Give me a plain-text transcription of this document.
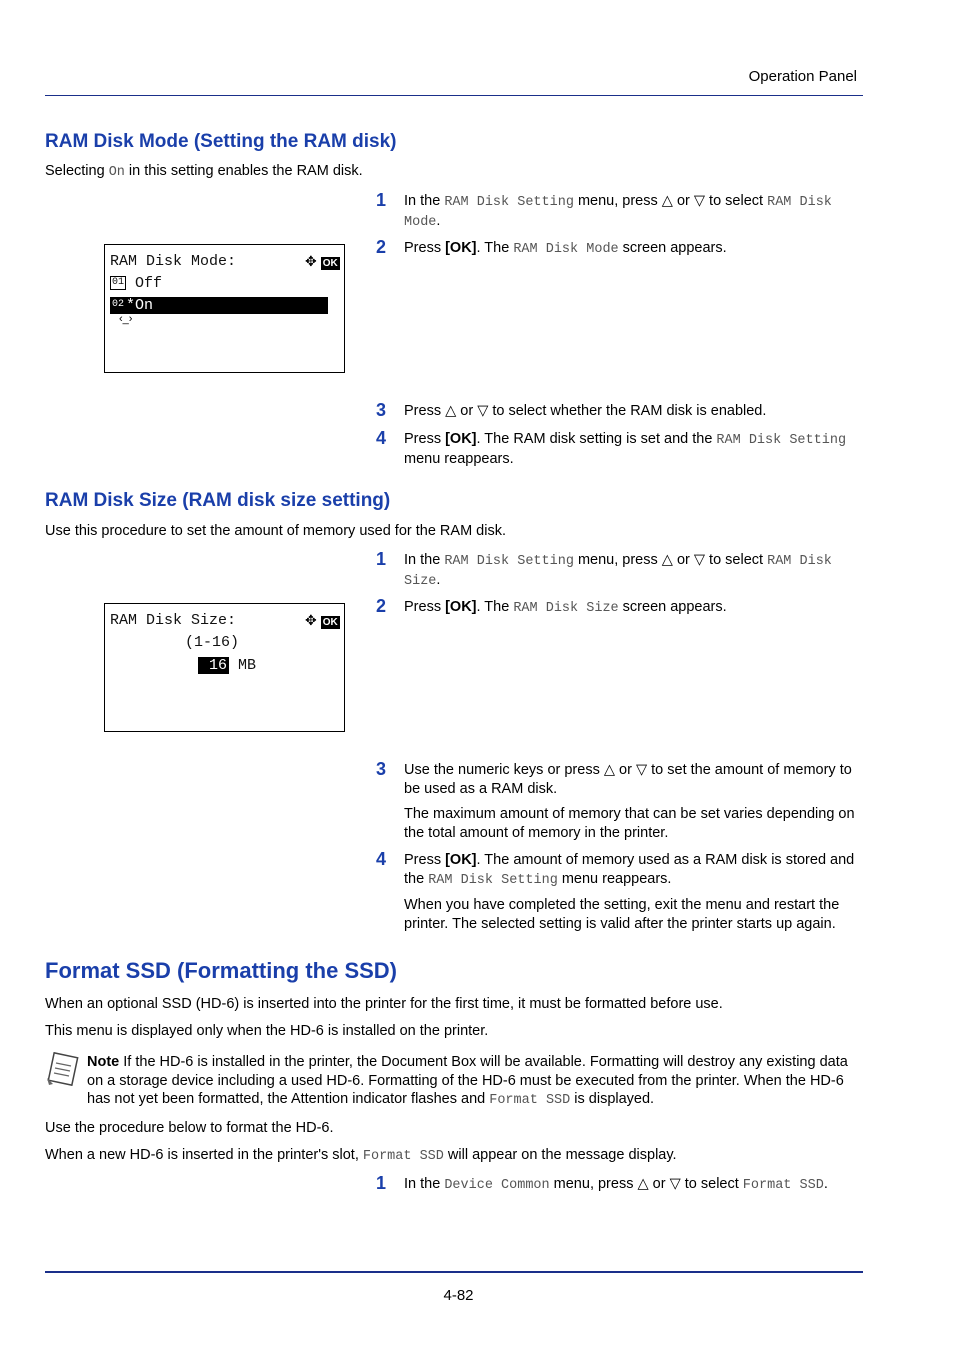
Operation Panel
RAM Disk Mode (Setting the RAM disk)
Selecting On in this setting enables the RAM disk.
RAM Disk Mode:	✥ OK
01 Off
02 *On
‹_›
1	In the RAM Disk Setting menu, press △ or ▽ to select RAM Disk Mode.
2	Press [OK]. The RAM Disk Mode screen appears.
3	Press △ or ▽ to select whether the RAM disk is enabled.
4	Press [OK]. The RAM disk setting is set and the RAM Disk Setting menu reappears.
RAM Disk Size (RAM disk size setting)
Use this procedure to set the amount of memory used for the RAM disk.
RAM Disk Size:	✥ OK
(1-16)
16 MB
1	In the RAM Disk Setting menu, press △ or ▽ to select RAM Disk Size.
2	Press [OK]. The RAM Disk Size screen appears.
3	Use the numeric keys or press △ or ▽ to set the amount of memory to be used as a RAM disk.
The maximum amount of memory that can be set varies depending on the total amount of memory in the printer.
4	Press [OK]. The amount of memory used as a RAM disk is stored and the RAM Disk Setting menu reappears.
When you have completed the setting, exit the menu and restart the printer. The selected setting is valid after the printer starts up again.
Format SSD (Formatting the SSD)
When an optional SSD (HD-6) is inserted into the printer for the first time, it must be formatted before use.
This menu is displayed only when the HD-6 is installed on the printer.
Note If the HD-6 is installed in the printer, the Document Box will be available. Formatting will destroy any existing data on a storage device including a used HD-6. Formatting of the HD-6 must be executed from the printer. When the HD-6 has not yet been formatted, the Attention indicator flashes and Format SSD is displayed.
Use the procedure below to format the HD-6.
When a new HD-6 is inserted in the printer's slot, Format SSD will appear on the message display.
1	In the Device Common menu, press △ or ▽ to select Format SSD.
4-82
